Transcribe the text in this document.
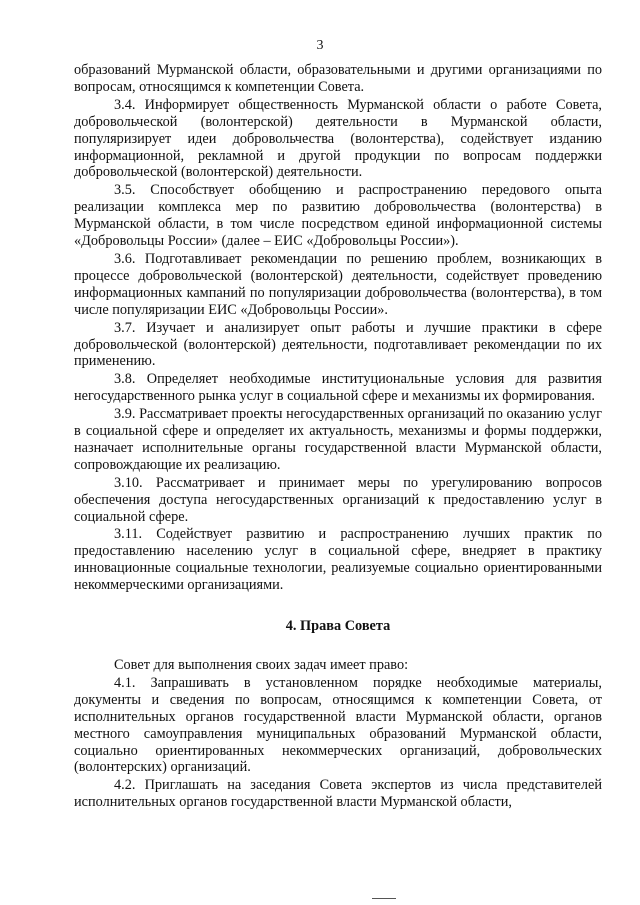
3

образований Мурманской области, образовательными и другими организациями по вопросам, относящимся к компетенции Совета.

3.4. Информирует общественность Мурманской области о работе Совета, добровольческой (волонтерской) деятельности в Мурманской области, популяризирует идеи добровольчества (волонтерства), содействует изданию информационной, рекламной и другой продукции по вопросам поддержки добровольческой (волонтерской) деятельности.

3.5. Способствует обобщению и распространению передового опыта реализации комплекса мер по развитию добровольчества (волонтерства) в Мурманской области, в том числе посредством единой информационной системы «Добровольцы России» (далее – ЕИС «Добровольцы России»).

3.6. Подготавливает рекомендации по решению проблем, возникающих в процессе добровольческой (волонтерской) деятельности, содействует проведению информационных кампаний по популяризации добровольчества (волонтерства), в том числе популяризации ЕИС «Добровольцы России».

3.7. Изучает и анализирует опыт работы и лучшие практики в сфере добровольческой (волонтерской) деятельности, подготавливает рекомендации по их применению.

3.8. Определяет необходимые институциональные условия для развития негосударственного рынка услуг в социальной сфере и механизмы их формирования.

3.9. Рассматривает проекты негосударственных организаций по оказанию услуг в социальной сфере и определяет их актуальность, механизмы и формы поддержки, назначает исполнительные органы государственной власти Мурманской области, сопровождающие их реализацию.

3.10. Рассматривает и принимает меры по урегулированию вопросов обеспечения доступа негосударственных организаций к предоставлению услуг в социальной сфере.

3.11. Содействует развитию и распространению лучших практик по предоставлению населению услуг в социальной сфере, внедряет в практику инновационные социальные технологии, реализуемые социально ориентированными некоммерческими организациями.

4. Права Совета

Совет для выполнения своих задач имеет право:

4.1. Запрашивать в установленном порядке необходимые материалы, документы и сведения по вопросам, относящимся к компетенции Совета, от исполнительных органов государственной власти Мурманской области, органов местного самоуправления муниципальных образований Мурманской области, социально ориентированных некоммерческих организаций, добровольческих (волонтерских) организаций.

4.2. Приглашать на заседания Совета экспертов из числа представителей исполнительных органов государственной власти Мурманской области,
